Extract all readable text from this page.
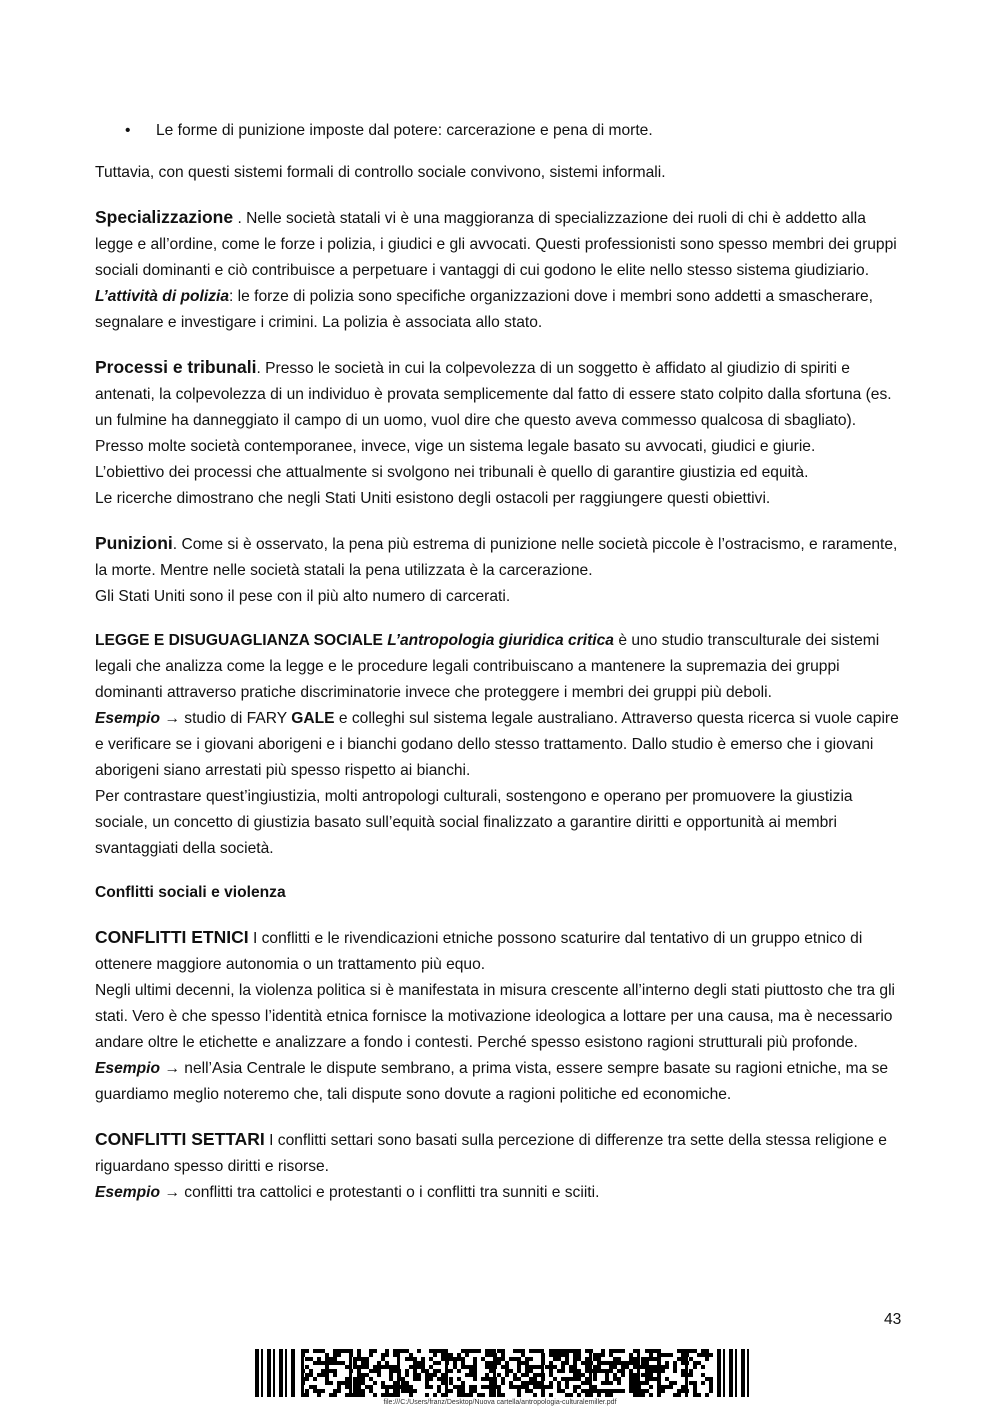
• Le forme di punizione imposte dal potere: carcerazione e pena di morte.

Tuttavia, con questi sistemi formali di controllo sociale convivono, sistemi informali.

Specializzazione . Nelle società statali vi è una maggioranza di specializzazione dei ruoli di chi è addetto alla legge e all’ordine, come le forze i polizia, i giudici e gli avvocati. Questi professionisti sono spesso membri dei gruppi sociali dominanti e ciò contribuisce a perpetuare i vantaggi di cui godono le elite nello stesso sistema giudiziario.

L’attività di polizia: le forze di polizia sono specifiche organizzazioni dove i membri sono addetti a smascherare, segnalare e investigare i crimini. La polizia è associata allo stato.

Processi e tribunali. Presso le società in cui la colpevolezza di un soggetto è affidato al giudizio di spiriti e antenati, la colpevolezza di un individuo è provata semplicemente dal fatto di essere stato colpito dalla sfortuna (es. un fulmine ha danneggiato il campo di un uomo, vuol dire che questo aveva commesso qualcosa di sbagliato).

Presso molte società contemporanee, invece, vige un sistema legale basato su avvocati, giudici e giurie.

L’obiettivo dei processi che attualmente si svolgono nei tribunali è quello di garantire giustizia ed equità.

Le ricerche dimostrano che negli Stati Uniti esistono degli ostacoli per raggiungere questi obiettivi.

Punizioni. Come si è osservato, la pena più estrema di punizione nelle società piccole è l’ostracismo, e raramente, la morte. Mentre nelle società statali la pena utilizzata è la carcerazione.

Gli Stati Uniti sono il pese con il più alto numero di carcerati.

LEGGE E DISUGUAGLIANZA SOCIALE L’antropologia giuridica critica è uno studio transculturale dei sistemi legali che analizza come la legge e le procedure legali contribuiscano a mantenere la supremazia dei gruppi dominanti attraverso pratiche discriminatorie invece che proteggere i membri dei gruppi più deboli.

Esempio → studio di FARY GALE e colleghi sul sistema legale australiano. Attraverso questa ricerca si vuole capire e verificare se i giovani aborigeni e i bianchi godano dello stesso trattamento. Dallo studio è emerso che i giovani aborigeni siano arrestati più spesso rispetto ai bianchi.

Per contrastare quest’ingiustizia, molti antropologi culturali, sostengono e operano per promuovere la giustizia sociale, un concetto di giustizia basato sull’equità social finalizzato a garantire diritti e opportunità ai membri svantaggiati della società.

Conflitti sociali e violenza

CONFLITTI ETNICI I conflitti e le rivendicazioni etniche possono scaturire dal tentativo di un gruppo etnico di ottenere maggiore autonomia o un trattamento più equo.

Negli ultimi decenni, la violenza politica si è manifestata in misura crescente all’interno degli stati piuttosto che tra gli stati. Vero è che spesso l’identità etnica fornisce la motivazione ideologica a lottare per una causa, ma è necessario andare oltre le etichette e analizzare a fondo i contesti. Perché spesso esistono ragioni strutturali più profonde.

Esempio → nell’Asia Centrale le dispute sembrano, a prima vista, essere sempre basate su ragioni etniche, ma se guardiamo meglio noteremo che, tali dispute sono dovute a ragioni politiche ed economiche.

CONFLITTI SETTARI I conflitti settari sono basati sulla percezione di differenze tra sette della stessa religione e riguardano spesso diritti e risorse.

Esempio → conflitti tra cattolici e protestanti o i conflitti tra sunniti e sciiti.

43
file:///C:/Users/franz/Desktop/Nuova cartella/antropologia-culturalemiller.pdf
